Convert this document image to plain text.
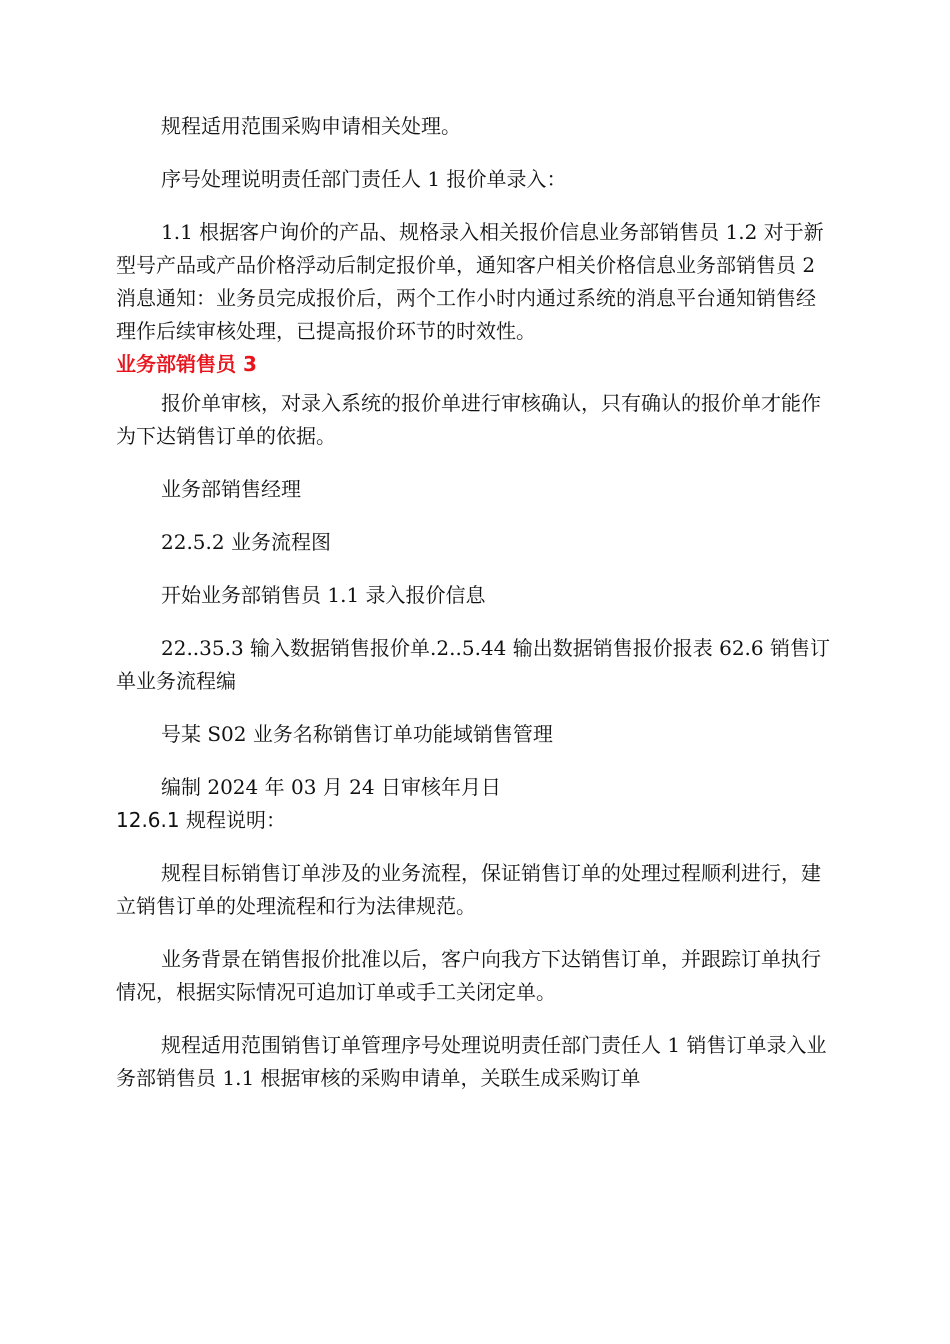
规程适用范围采购申请相关处理。

序号处理说明责任部门责任人 1 报价单录入：

1.1 根据客户询价的产品、规格录入相关报价信息业务部销售员 1.2 对于新型号产品或产品价格浮动后制定报价单，通知客户相关价格信息业务部销售员 2 消息通知：业务员完成报价后，两个工作小时内通过系统的消息平台通知销售经理作后续审核处理，已提高报价环节的时效性。

业务部销售员 3

报价单审核，对录入系统的报价单进行审核确认，只有确认的报价单才能作为下达销售订单的依据。

业务部销售经理

22.5.2 业务流程图

开始业务部销售员 1.1 录入报价信息

22..35.3 输入数据销售报价单.2..5.44 输出数据销售报价报表 62.6 销售订单业务流程编

号某 S02 业务名称销售订单功能域销售管理

编制 2024 年 03 月 24 日审核年月日

12.6.1 规程说明：

规程目标销售订单涉及的业务流程，保证销售订单的处理过程顺利进行，建立销售订单的处理流程和行为法律规范。

业务背景在销售报价批准以后，客户向我方下达销售订单，并跟踪订单执行情况，根据实际情况可追加订单或手工关闭定单。

规程适用范围销售订单管理序号处理说明责任部门责任人 1 销售订单录入业务部销售员 1.1 根据审核的采购申请单，关联生成采购订单
